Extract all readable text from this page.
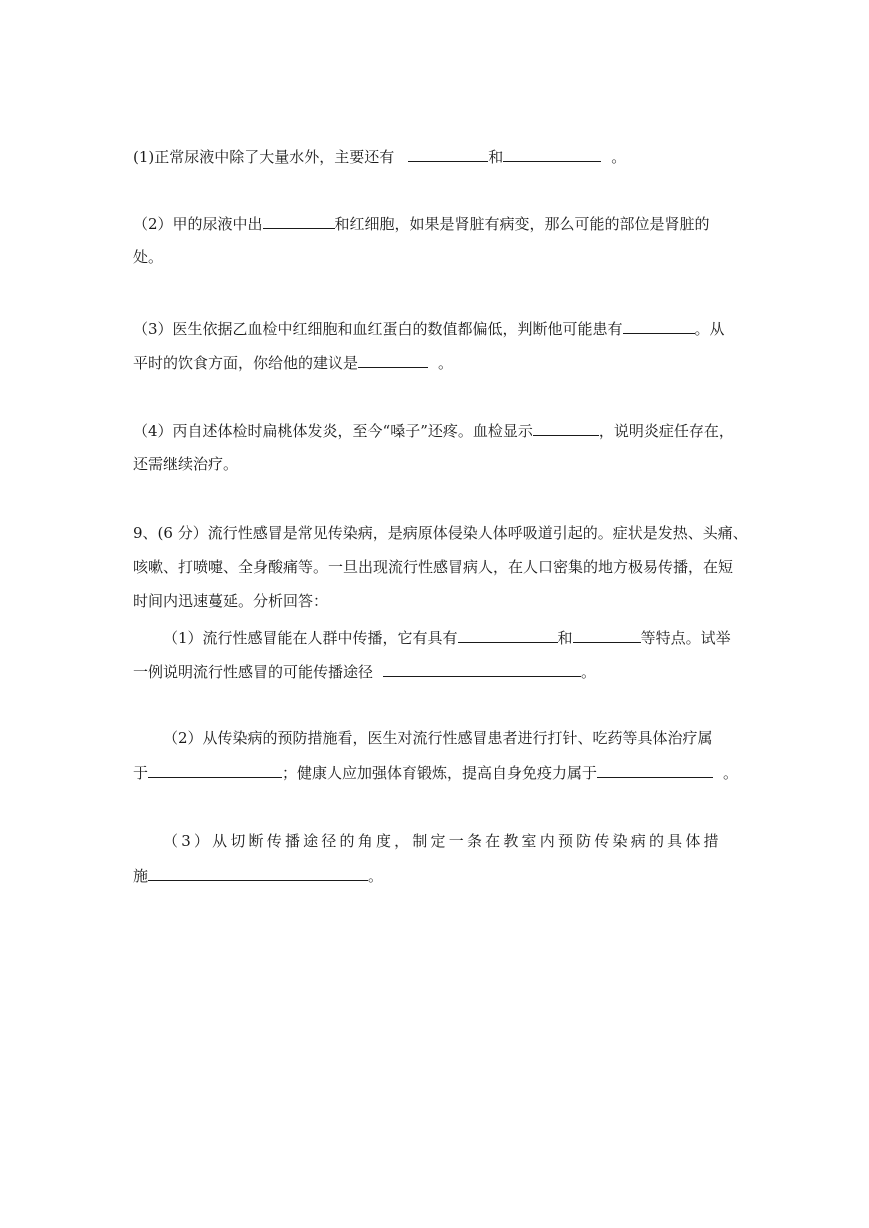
(1)正常尿液中除了大量水外，主要还有	和	。
（2）甲的尿液中出	和红细胞，如果是肾脏有病变，那么可能的部位是肾脏的
处。
（3）医生依据乙血检中红细胞和血红蛋白的数值都偏低，判断他可能患有	。从
平时的饮食方面，你给他的建议是	。
（4）丙自述体检时扁桃体发炎，至今“嗓子”还疼。血检显示	，说明炎症任存在，
还需继续治疗。
9、(6 分）流行性感冒是常见传染病，是病原体侵染人体呼吸道引起的。症状是发热、头痛、
咳嗽、打喷嚏、全身酸痛等。一旦出现流行性感冒病人，在人口密集的地方极易传播，在短
时间内迅速蔓延。分析回答：
（1）流行性感冒能在人群中传播，它有具有	和	等特点。试举
一例说明流行性感冒的可能传播途径	。
（2）从传染病的预防措施看，医生对流行性感冒患者进行打针、吃药等具体治疗属
于	；健康人应加强体育锻炼，提高自身免疫力属于	。
（3）从切断传播途径的角度，制定一条在教室内预防传染病的具体措
施	。
